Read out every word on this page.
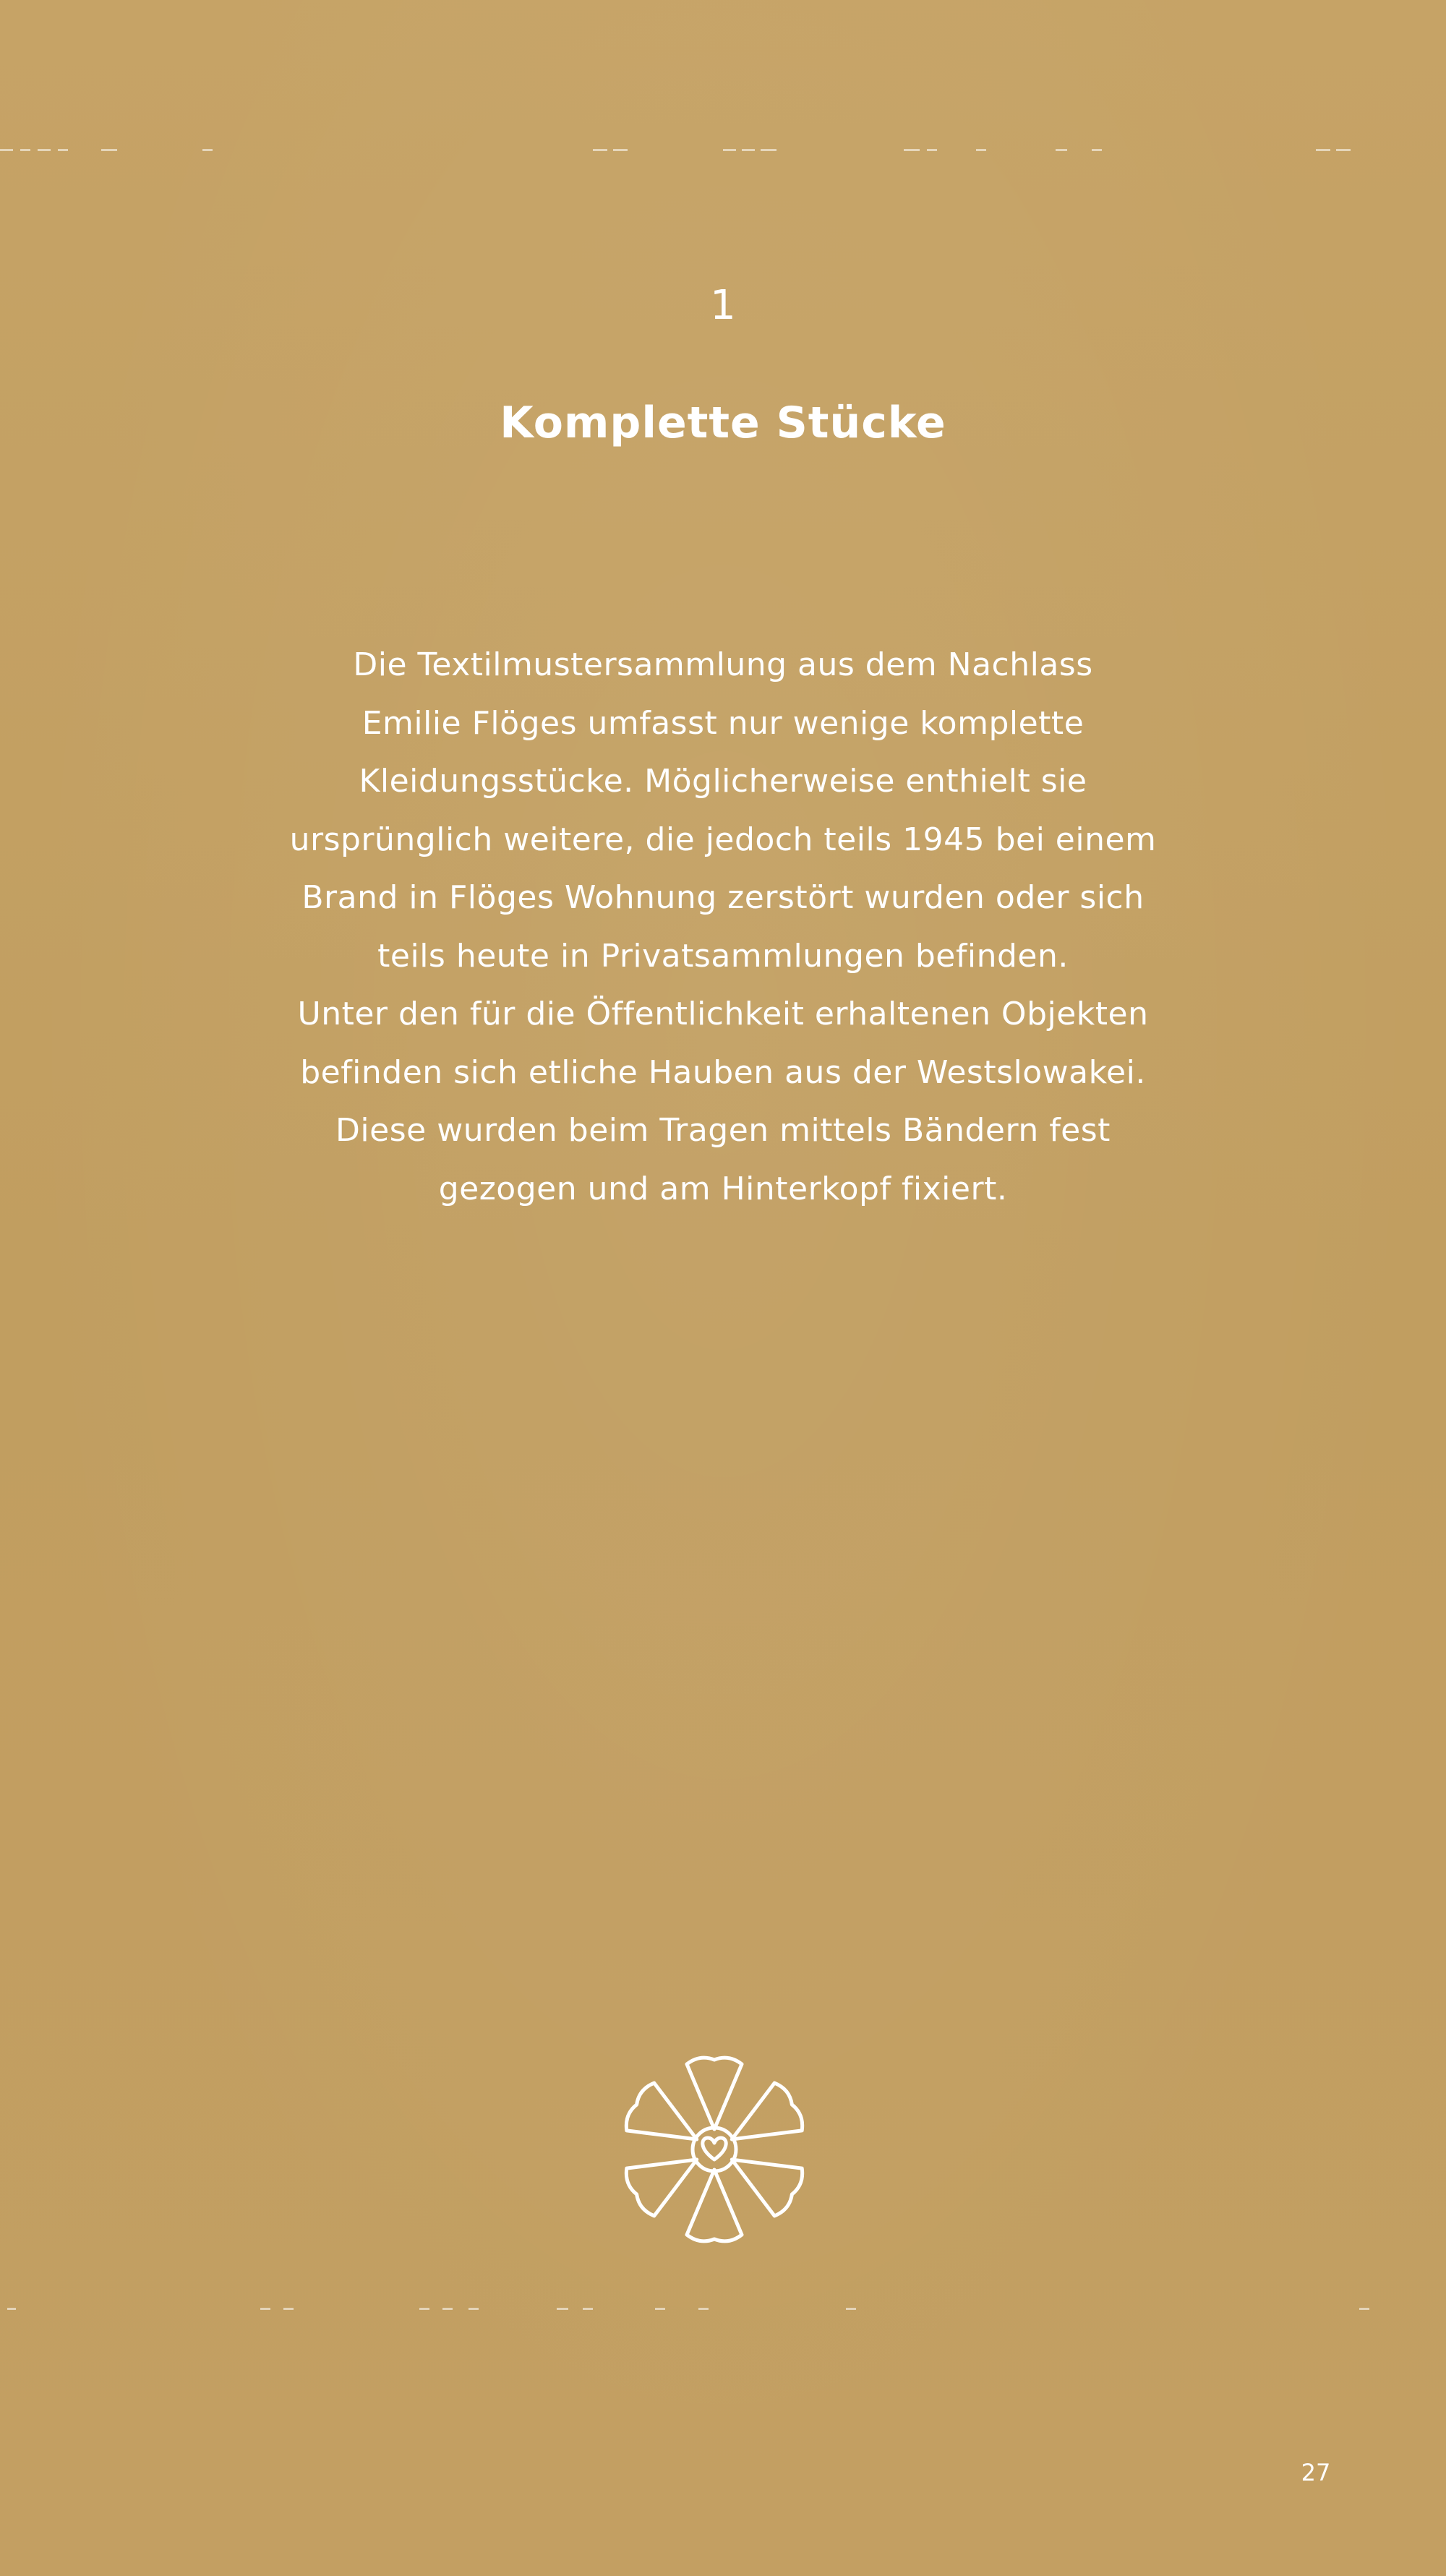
1
Komplette Stücke

Die Textilmustersammlung aus dem Nachlass
Emilie Flöges umfasst nur wenige komplette
Kleidungsstücke. Möglicherweise enthielt sie
ursprünglich weitere, die jedoch teils 1945 bei einem
Brand in Flöges Wohnung zerstört wurden oder sich
teils heute in Privatsammlungen befinden.
Unter den für die Öffentlichkeit erhaltenen Objekten
befinden sich etliche Hauben aus der Westslowakei.
Diese wurden beim Tragen mittels Bändern fest
gezogen und am Hinterkopf fixiert.

27
